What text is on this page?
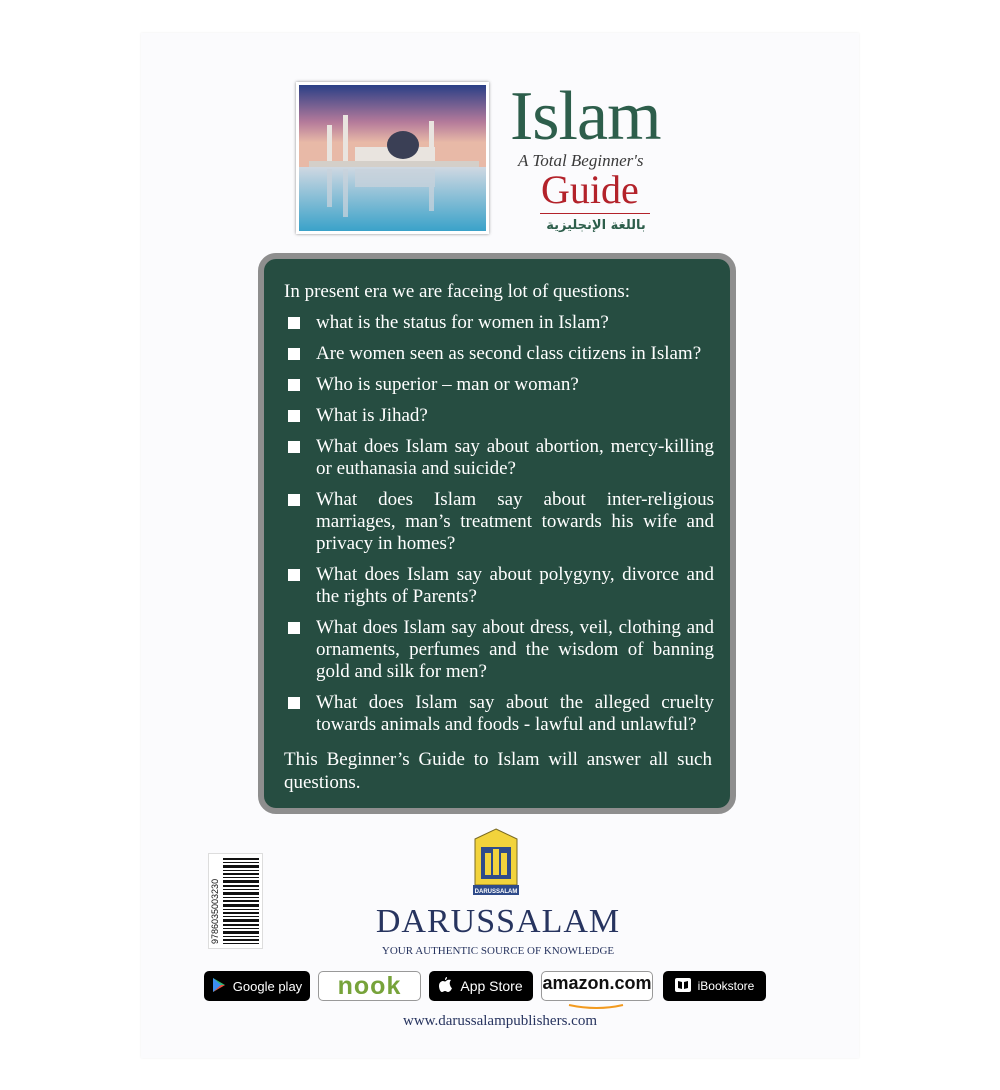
Islam
A Total Beginner's
Guide
باللغة الإنجليزية
In present era we are faceing lot of questions:
what is the status for women in Islam?
Are women seen as second class citizens in Islam?
Who is superior – man or woman?
What is Jihad?
What does Islam say about abortion, mercy-killing or euthanasia and suicide?
What does Islam say about inter-religious marriages, man’s treatment towards his wife and privacy in homes?
What does Islam say about polygyny, divorce and the rights of Parents?
What does Islam say about dress, veil, clothing and ornaments, perfumes and the wisdom of banning gold and silk for men?
What does Islam say about the alleged cruelty towards animals and foods - lawful and unlawful?
This Beginner’s Guide to Islam will answer all such questions.
DARUSSALAM
9786035003230	DARUSSALAM
YOUR AUTHENTIC SOURCE OF KNOWLEDGE
Google play nook	App Store amazon.com	iBookstore
www.darussalampublishers.com
